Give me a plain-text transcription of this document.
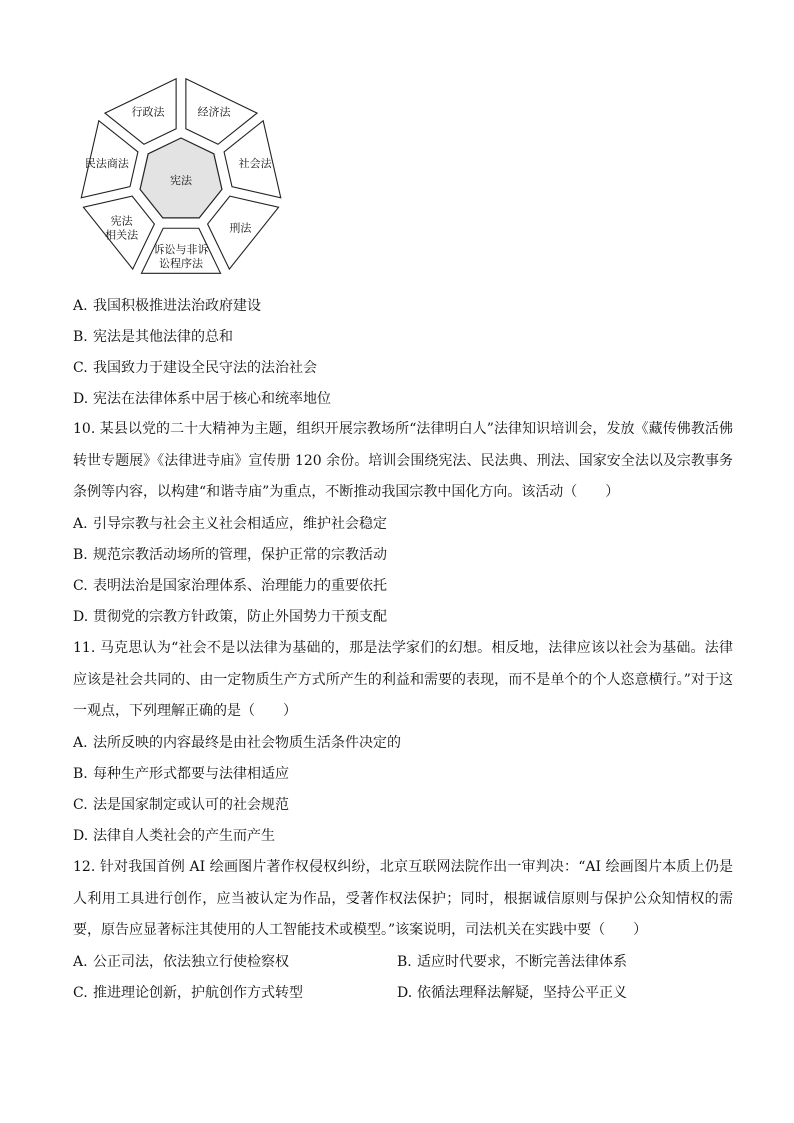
宪法
相关法
民法商法
行政法	经济法
社会法
刑法
诉讼与非诉
讼程序法
宪法
A. 我国积极推进法治政府建设
B. 宪法是其他法律的总和
C. 我国致力于建设全民守法的法治社会
D. 宪法在法律体系中居于核心和统率地位
10. 某县以党的二十大精神为主题，组织开展宗教场所“法律明白人”法律知识培训会，发放《藏传佛教活佛转世专题展》《法律进寺庙》宣传册 120 余份。培训会围绕宪法、民法典、刑法、国家安全法以及宗教事务条例等内容，以构建“和谐寺庙”为重点，不断推动我国宗教中国化方向。该活动（　　）
A. 引导宗教与社会主义社会相适应，维护社会稳定
B. 规范宗教活动场所的管理，保护正常的宗教活动
C. 表明法治是国家治理体系、治理能力的重要依托
D. 贯彻党的宗教方针政策，防止外国势力干预支配
11. 马克思认为“社会不是以法律为基础的，那是法学家们的幻想。相反地，法律应该以社会为基础。法律应该是社会共同的、由一定物质生产方式所产生的利益和需要的表现，而不是单个的个人恣意横行。”对于这一观点，下列理解正确的是（　　）
A. 法所反映的内容最终是由社会物质生活条件决定的
B. 每种生产形式都要与法律相适应
C. 法是国家制定或认可的社会规范
D. 法律自人类社会的产生而产生
12. 针对我国首例 AI 绘画图片著作权侵权纠纷，北京互联网法院作出一审判决：“AI 绘画图片本质上仍是人利用工具进行创作，应当被认定为作品，受著作权法保护；同时，根据诚信原则与保护公众知情权的需要，原告应显著标注其使用的人工智能技术或模型。”该案说明，司法机关在实践中要（　　）
A. 公正司法，依法独立行使检察权	B. 适应时代要求，不断完善法律体系
C. 推进理论创新，护航创作方式转型	D. 依循法理释法解疑，坚持公平正义
